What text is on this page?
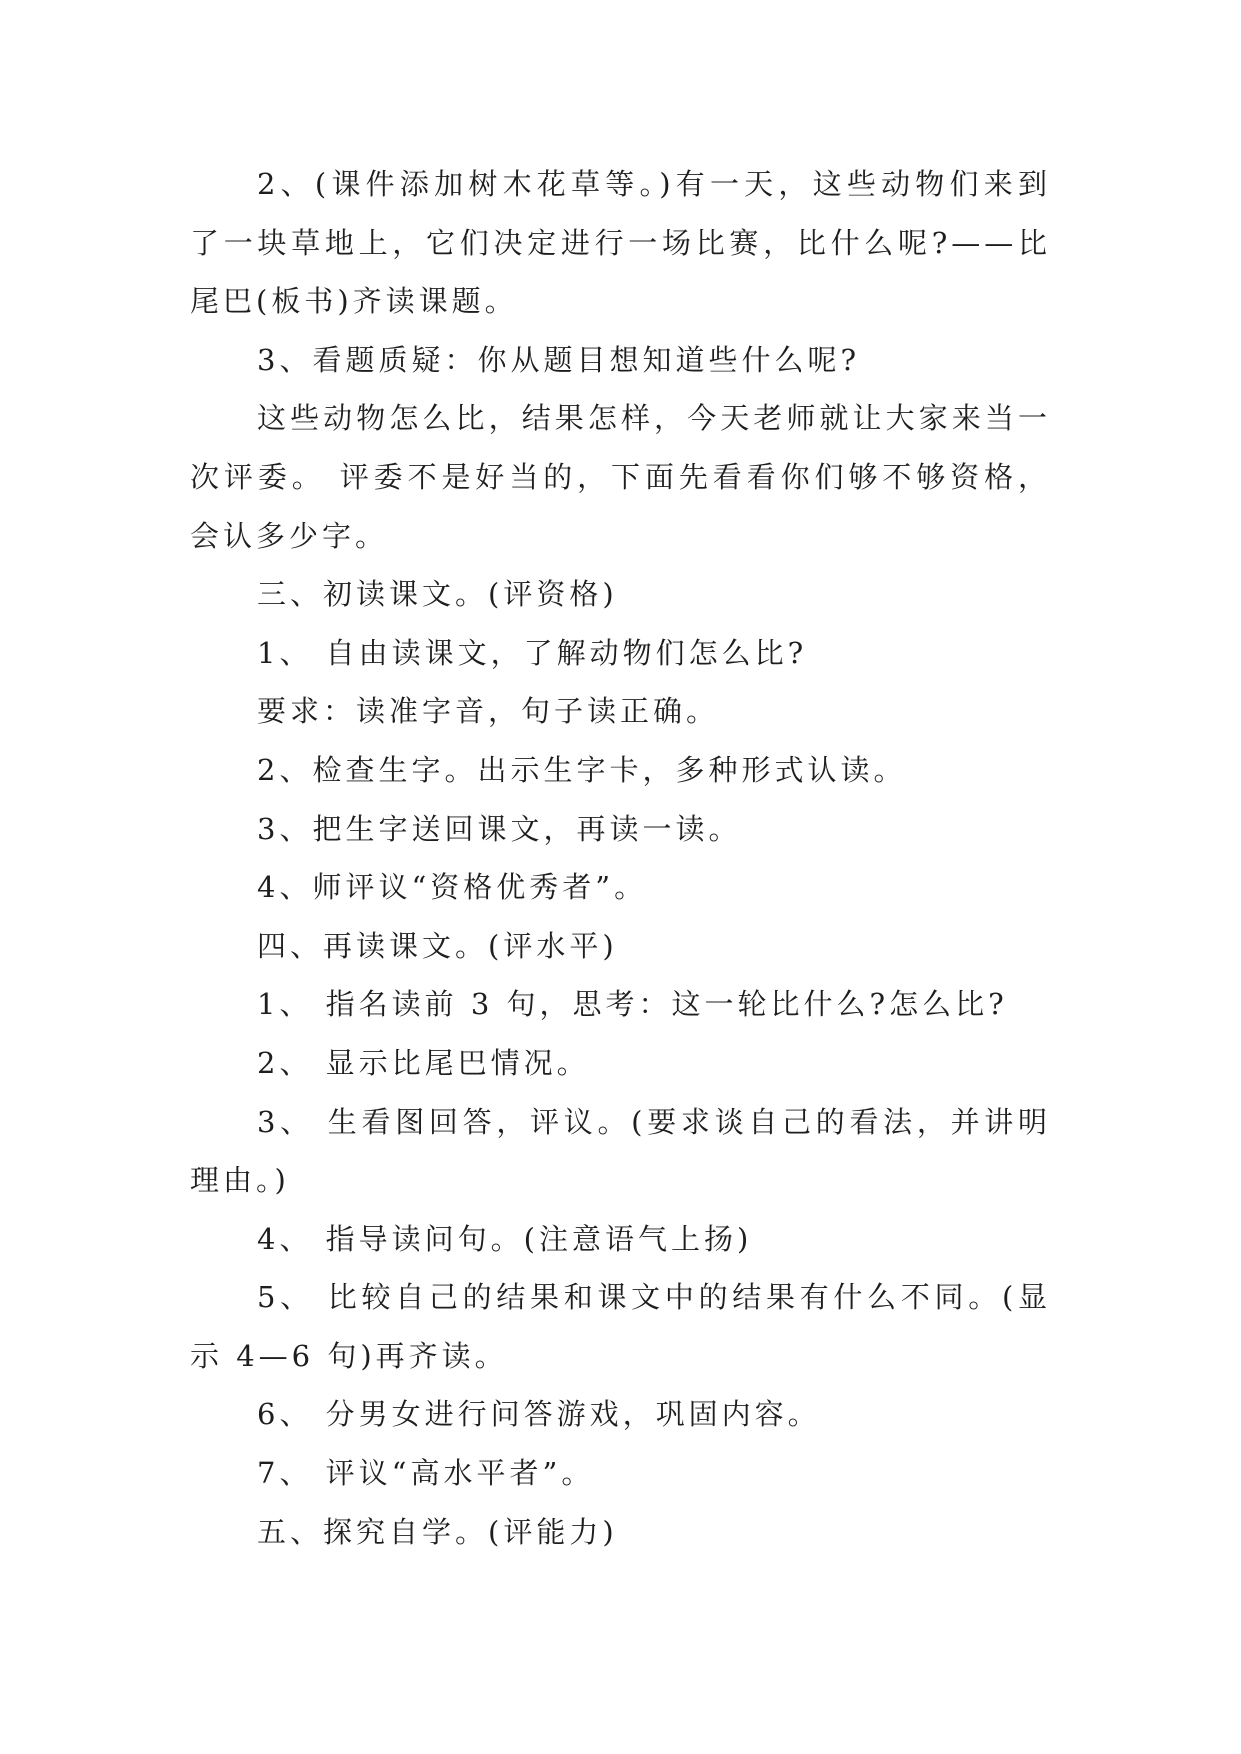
2、(课件添加树木花草等。)有一天，这些动物们来到
了一块草地上，它们决定进行一场比赛，比什么呢?——比
尾巴(板书)齐读课题。
3、看题质疑：你从题目想知道些什么呢?
这些动物怎么比，结果怎样，今天老师就让大家来当一
次评委。 评委不是好当的，下面先看看你们够不够资格，
会认多少字。
三、初读课文。(评资格)
1、 自由读课文，了解动物们怎么比?
要求：读准字音，句子读正确。
2、检查生字。出示生字卡，多种形式认读。
3、把生字送回课文，再读一读。
4、师评议“资格优秀者”。
四、再读课文。(评水平)
1、 指名读前 3 句，思考：这一轮比什么?怎么比?
2、 显示比尾巴情况。
3、 生看图回答，评议。(要求谈自己的看法，并讲明
理由。)
4、 指导读问句。(注意语气上扬)
5、 比较自己的结果和课文中的结果有什么不同。(显
示 4—6 句)再齐读。
6、 分男女进行问答游戏，巩固内容。
7、 评议“高水平者”。
五、探究自学。(评能力)
